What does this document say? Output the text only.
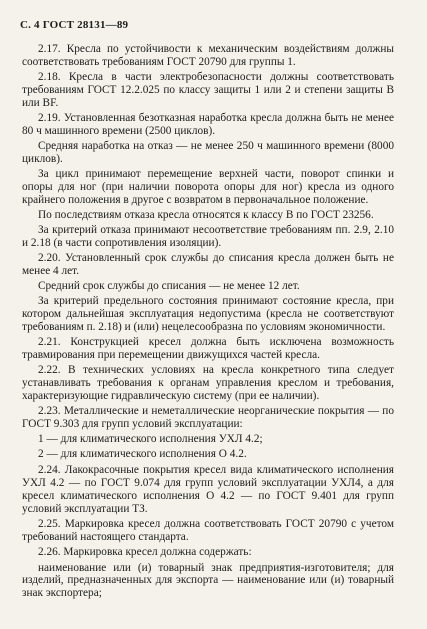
С. 4 ГОСТ 28131—89

2.17. Кресла по устойчивости к механическим воздействиям должны соответствовать требованиям ГОСТ 20790 для группы 1.

2.18. Кресла в части электробезопасности должны соответствовать требованиям ГОСТ 12.2.025 по классу защиты 1 или 2 и степени защиты В или BF.

2.19. Установленная безотказная наработка кресла должна быть не менее 80 ч машинного времени (2500 циклов).

Средняя наработка на отказ — не менее 250 ч машинного времени (8000 циклов).

За цикл принимают перемещение верхней части, поворот спинки и опоры для ног (при наличии поворота опоры для ног) кресла из одного крайнего положения в другое с возвратом в первоначальное положение.

По последствиям отказа кресла относятся к классу В по ГОСТ 23256.

За критерий отказа принимают несоответствие требованиям пп. 2.9, 2.10 и 2.18 (в части сопротивления изоляции).

2.20. Установленный срок службы до списания кресла должен быть не менее 4 лет.

Средний срок службы до списания — не менее 12 лет.

За критерий предельного состояния принимают состояние кресла, при котором дальнейшая эксплуатация недопустима (кресла не соответствуют требованиям п. 2.18) и (или) нецелесообразна по условиям экономичности.

2.21. Конструкцией кресел должна быть исключена возможность травмирования при перемещении движущихся частей кресла.

2.22. В технических условиях на кресла конкретного типа следует устанавливать требования к органам управления креслом и требования, характеризующие гидравлическую систему (при ее наличии).

2.23. Металлические и неметаллические неорганические покрытия — по ГОСТ 9.303 для групп условий эксплуатации:

1 — для климатического исполнения УХЛ 4.2;

2 — для климатического исполнения О 4.2.

2.24. Лакокрасочные покрытия кресел вида климатического исполнения УХЛ 4.2 — по ГОСТ 9.074 для групп условий эксплуатации УХЛ4, а для кресел климатического исполнения О 4.2 — по ГОСТ 9.401 для групп условий эксплуатации ТЗ.

2.25. Маркировка кресел должна соответствовать ГОСТ 20790 с учетом требований настоящего стандарта.

2.26. Маркировка кресел должна содержать:

наименование или (и) товарный знак предприятия-изготовителя; для изделий, предназначенных для экспорта — наименование или (и) товарный знак экспортера;
